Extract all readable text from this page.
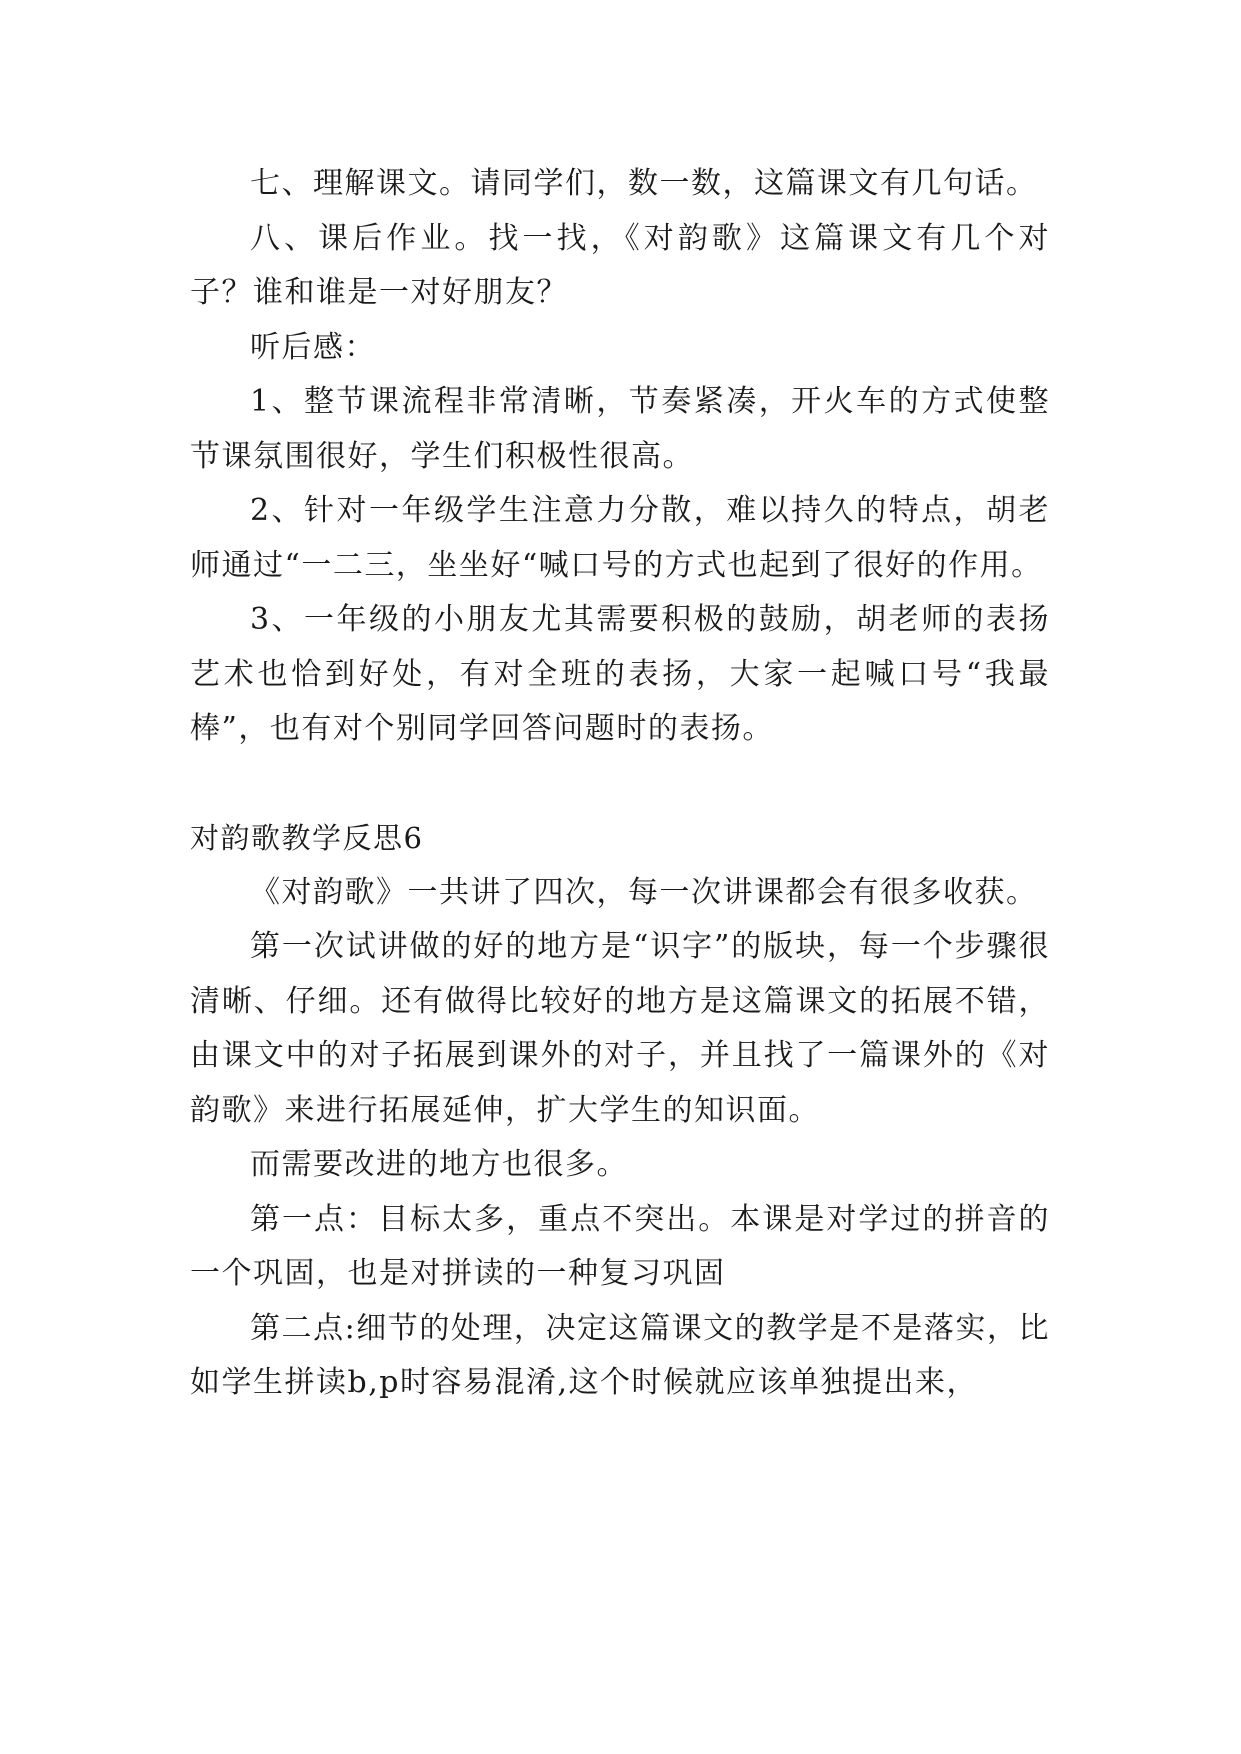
七、理解课文。请同学们，数一数，这篇课文有几句话。

八、课后作业。找一找，《对韵歌》这篇课文有几个对子？谁和谁是一对好朋友？

听后感：

1、整节课流程非常清晰，节奏紧凑，开火车的方式使整节课氛围很好，学生们积极性很高。

2、针对一年级学生注意力分散，难以持久的特点，胡老师通过“一二三，坐坐好“喊口号的方式也起到了很好的作用。

3、一年级的小朋友尤其需要积极的鼓励，胡老师的表扬艺术也恰到好处，有对全班的表扬，大家一起喊口号“我最棒”，也有对个别同学回答问题时的表扬。

对韵歌教学反思6

《对韵歌》一共讲了四次，每一次讲课都会有很多收获。

第一次试讲做的好的地方是“识字”的版块，每一个步骤很清晰、仔细。还有做得比较好的地方是这篇课文的拓展不错，由课文中的对子拓展到课外的对子，并且找了一篇课外的《对韵歌》来进行拓展延伸，扩大学生的知识面。

而需要改进的地方也很多。

第一点：目标太多，重点不突出。本课是对学过的拼音的一个巩固，也是对拼读的一种复习巩固

第二点:细节的处理，决定这篇课文的教学是不是落实，比如学生拼读b,p时容易混淆,这个时候就应该单独提出来，
